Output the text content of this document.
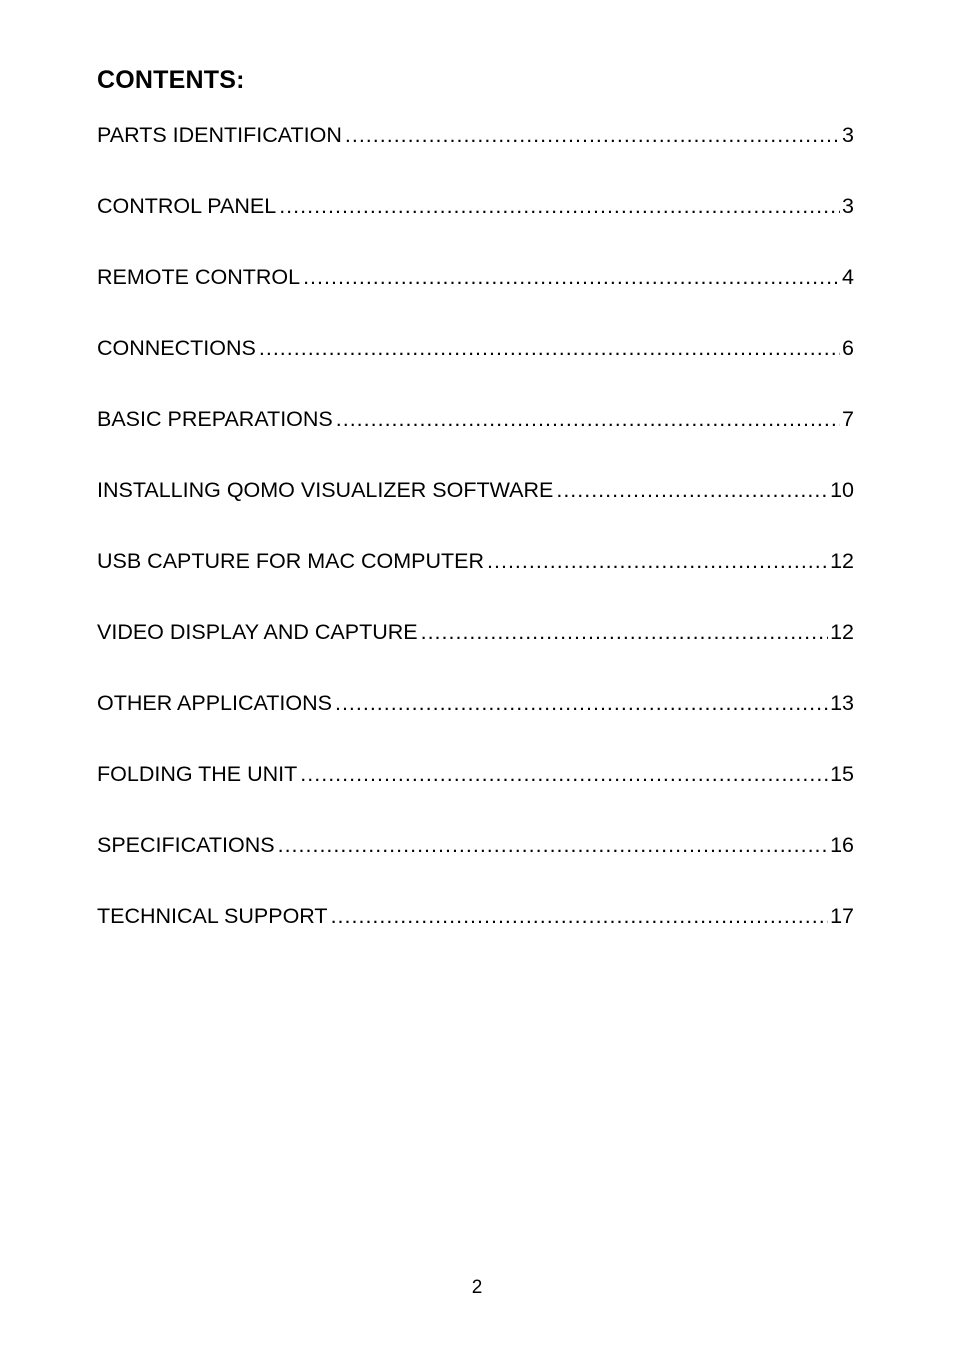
CONTENTS:
PARTS IDENTIFICATION .....	3
CONTROL PANEL .....	3
REMOTE CONTROL .....	4
CONNECTIONS .....	6
BASIC PREPARATIONS .....	7
INSTALLING QOMO VISUALIZER SOFTWARE .....	10
USB CAPTURE FOR MAC COMPUTER .....	12
VIDEO DISPLAY AND CAPTURE .....	12
OTHER APPLICATIONS .....	13
FOLDING THE UNIT .....	15
SPECIFICATIONS .....	16
TECHNICAL SUPPORT .....	17
2
